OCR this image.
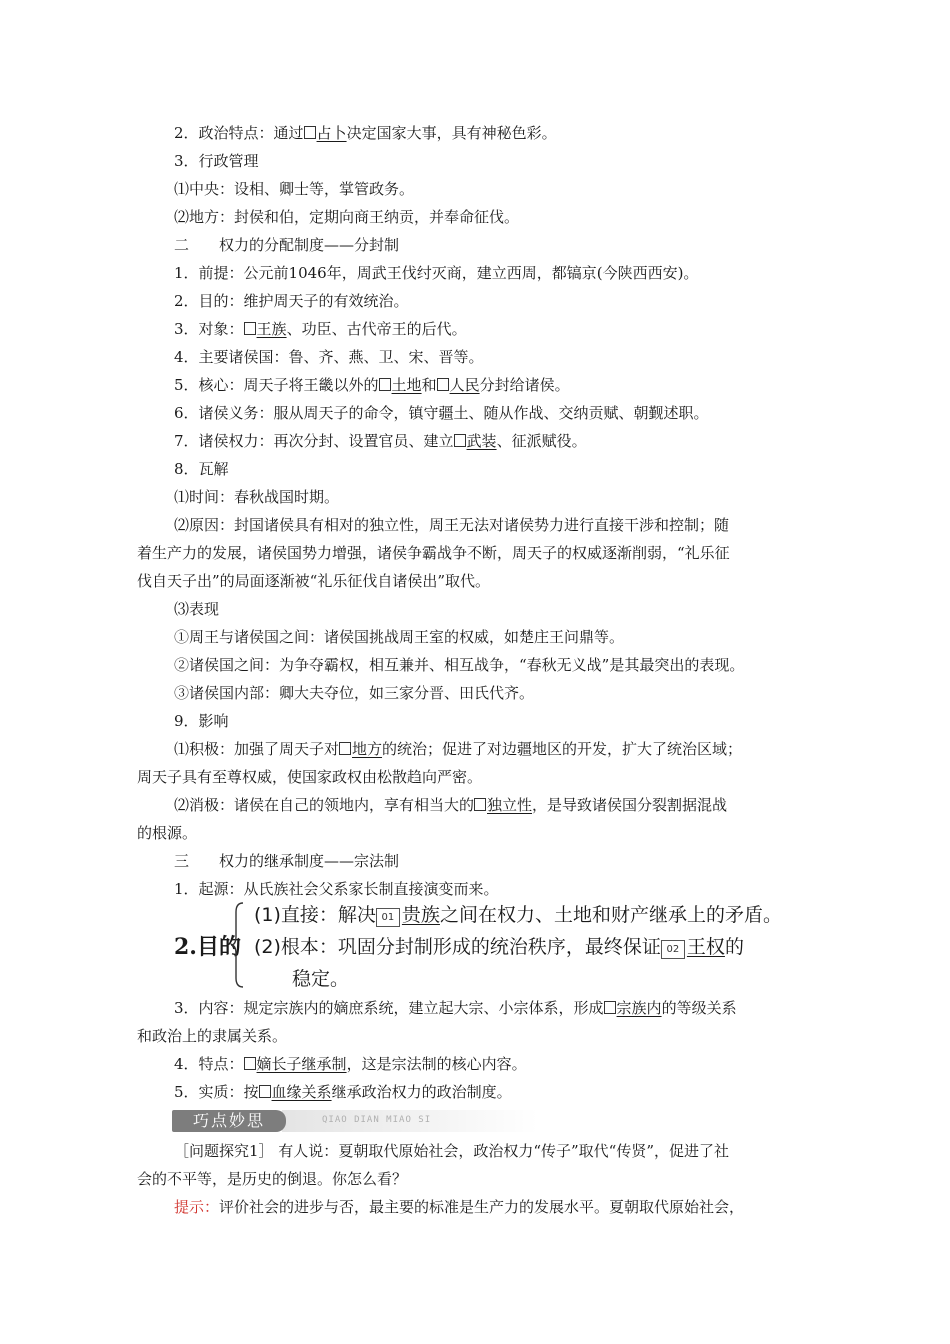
2．政治特点：通过 占卜决定国家大事，具有神秘色彩。
3．行政管理
⑴中央：设相、卿士等，掌管政务。
⑵地方：封侯和伯，定期向商王纳贡，并奉命征伐。
二　　权力的分配制度——分封制
1．前提：公元前1046年，周武王伐纣灭商，建立西周，都镐京(今陕西西安)。
2．目的：维护周天子的有效统治。
3．对象： 王族、功臣、古代帝王的后代。
4．主要诸侯国：鲁、齐、燕、卫、宋、晋等。
5．核心：周天子将王畿以外的 土地和 人民分封给诸侯。
6．诸侯义务：服从周天子的命令，镇守疆土、随从作战、交纳贡赋、朝觐述职。
7．诸侯权力：再次分封、设置官员、建立 武装、征派赋役。
8．瓦解
⑴时间：春秋战国时期。
⑵原因：封国诸侯具有相对的独立性，周王无法对诸侯势力进行直接干涉和控制；随
着生产力的发展，诸侯国势力增强，诸侯争霸战争不断，周天子的权威逐渐削弱，“礼乐征
伐自天子出”的局面逐渐被“礼乐征伐自诸侯出”取代。
⑶表现
①周王与诸侯国之间：诸侯国挑战周王室的权威，如楚庄王问鼎等。
②诸侯国之间：为争夺霸权，相互兼并、相互战争，“春秋无义战”是其最突出的表现。
③诸侯国内部：卿大夫夺位，如三家分晋、田氏代齐。
9．影响
⑴积极：加强了周天子对 地方的统治；促进了对边疆地区的开发，扩大了统治区域；
周天子具有至尊权威，使国家政权由松散趋向严密。
⑵消极：诸侯在自己的领地内，享有相当大的 独立性，是导致诸侯国分裂割据混战
的根源。
三　　权力的继承制度——宗法制
1．起源：从氏族社会父系家长制直接演变而来。
2.目的
(1)直接：解决 01 贵族之间在权力、土地和财产继承上的矛盾。
(2)根本：巩固分封制形成的统治秩序，最终保证 02 王权的
稳定。
3．内容：规定宗族内的嫡庶系统，建立起大宗、小宗体系，形成 宗族内的等级关系
和政治上的隶属关系。
4．特点： 嫡长子继承制，这是宗法制的核心内容。
5．实质：按 血缘关系继承政治权力的政治制度。
巧点妙思	QIAO DIAN MIAO SI
［问题探究1］ 有人说：夏朝取代原始社会，政治权力“传子”取代“传贤”，促进了社
会的不平等，是历史的倒退。你怎么看？
提示：评价社会的进步与否，最主要的标准是生产力的发展水平。夏朝取代原始社会，
